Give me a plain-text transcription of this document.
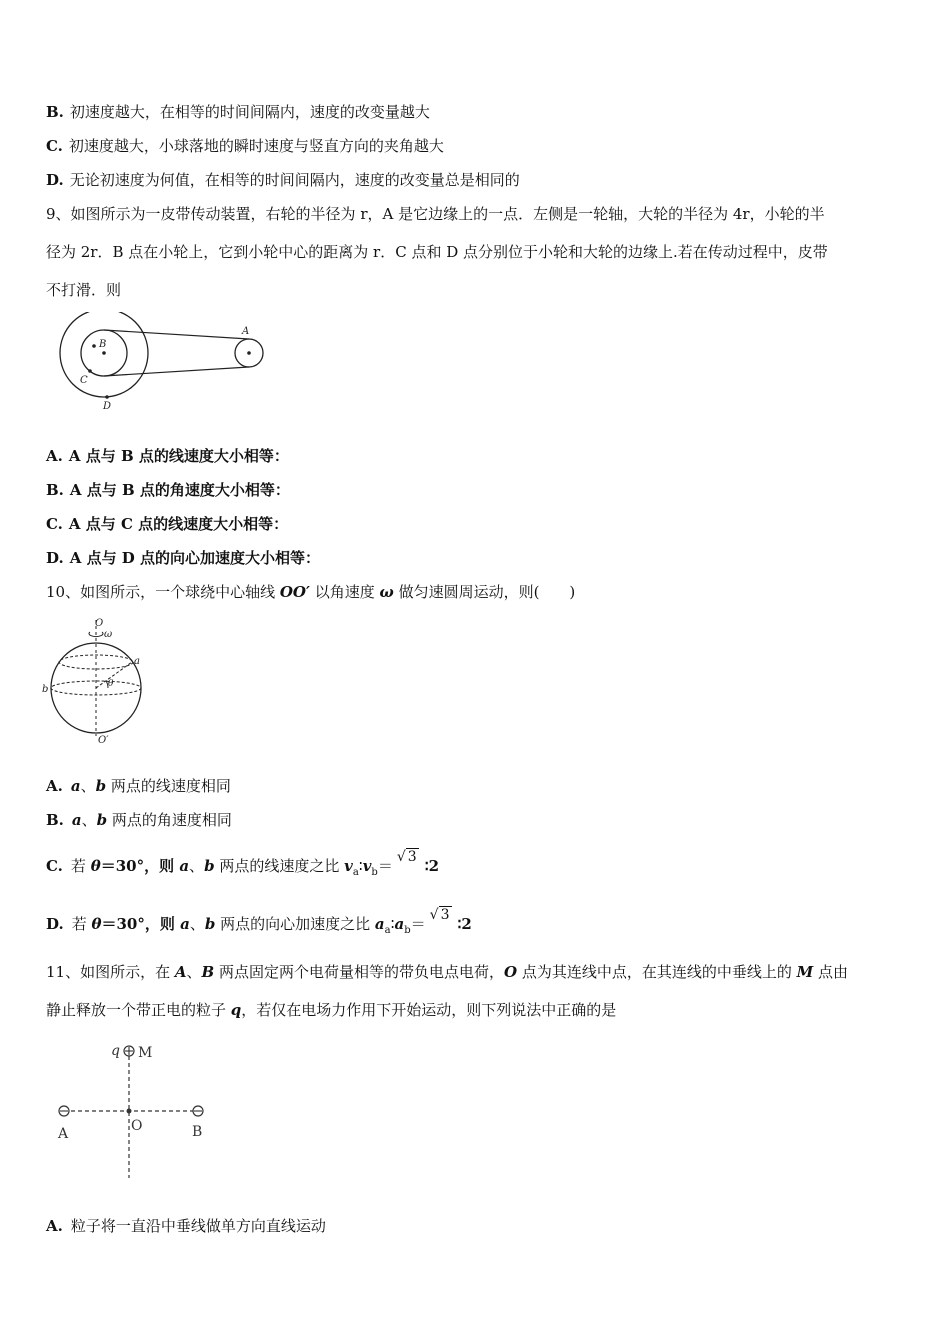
B. 初速度越大，在相等的时间间隔内，速度的改变量越大
C. 初速度越大，小球落地的瞬时速度与竖直方向的夹角越大
D. 无论初速度为何值，在相等的时间间隔内，速度的改变量总是相同的
9、如图所示为一皮带传动装置，右轮的半径为 r，A 是它边缘上的一点．左侧是一轮轴，大轮的半径为 4r，小轮的半
径为 2r．B 点在小轮上，它到小轮中心的距离为 r．C 点和 D 点分别位于小轮和大轮的边缘上.若在传动过程中，皮带
不打滑．则
B
C
D
A
A. A 点与 B 点的线速度大小相等：
B. A 点与 B 点的角速度大小相等：
C. A 点与 C 点的线速度大小相等：
D. A 点与 D 点的向心加速度大小相等：
10、如图所示，一个球绕中心轴线 OO′ 以角速度 ω 做匀速圆周运动，则(　　)
O
ω
a
b	θ
O′
A. a、b 两点的线速度相同
B. a、b 两点的角速度相同
C. 若 θ＝30°，则 a、b 两点的线速度之比 $v_a∶v_b=$ √ 3 ∶2
D. 若 θ＝30°，则 a、b 两点的向心加速度之比 $a_a∶a_b=$ √ 3 ∶2
11、如图所示，在 A、B 两点固定两个电荷量相等的带负电点电荷，O 点为其连线中点，在其连线的中垂线上的 M 点由
静止释放一个带正电的粒子 q，若仅在电场力作用下开始运动，则下列说法中正确的是
q M
A	O	B
A. 粒子将一直沿中垂线做单方向直线运动
